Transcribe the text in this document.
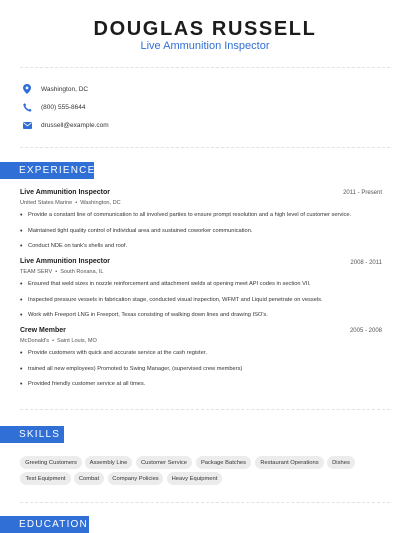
DOUGLAS RUSSELL
Live Ammunition Inspector
Washington, DC
(800) 555-8644
drussell@example.com
EXPERIENCE
Live Ammunition Inspector	2011 - Present
United States Marine • Washington, DC
• Provide a constant line of communication to all involved parties to ensure prompt resolution and a high level of customer service.
• Maintained tight quality control of individual area and sustained coworker communication.
• Conduct NDE on tank's shells and roof.
Live Ammunition Inspector	2008 - 2011
TEAM SERV • South Roxana, IL
• Ensured that weld sizes in nozzle reinforcement and attachment welds at opening meet API codes in section VII.
• Inspected pressure vessels in fabrication stage, conducted visual inspection, WFMT and Liquid penetrate on vessels.
• Work with Freeport LNG in Freeport, Texas consisting of walking down lines and drawing ISO's.
Crew Member	2005 - 2008
McDonald's • Saint Louis, MO
• Provide customers with quick and accurate service at the cash register.
• trained all new employees) Promoted to Swing Manager, (supervised crew members)
• Provided friendly customer service at all times.
SKILLS
Greeting Customers	Assembly Line	Customer Service	Package Batches	Restaurant Operations	Dishes
Test Equipment	Combat	Company Policies	Heavy Equipment
EDUCATION
